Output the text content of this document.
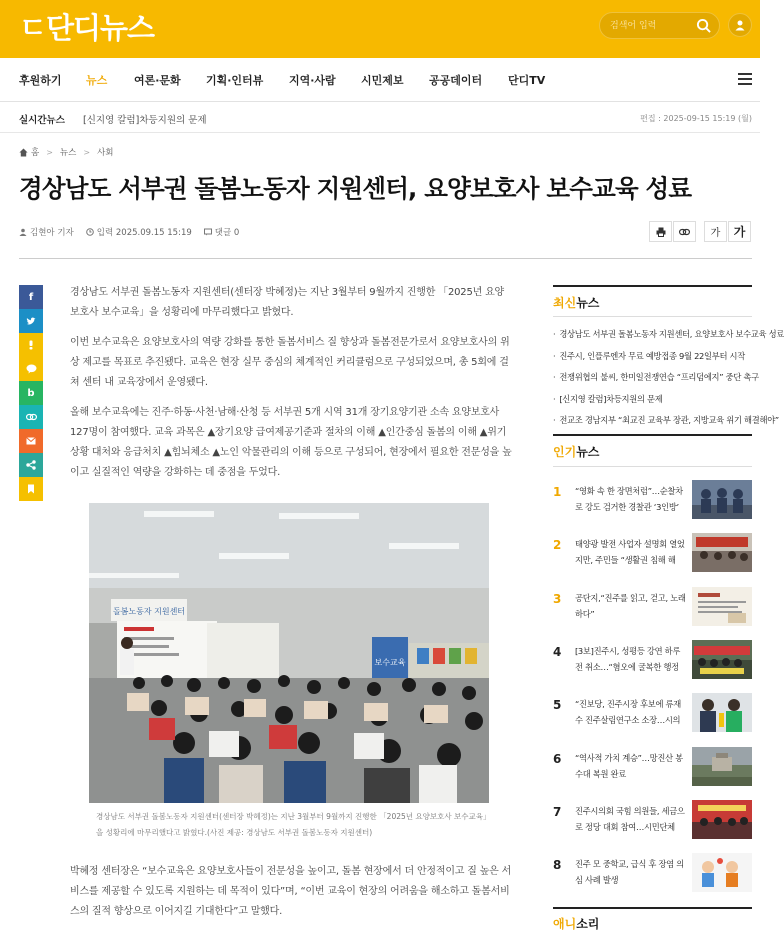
ㄷ단디뉴스
검색어 입력
후원하기 뉴스 여론·문화 기획·인터뷰 지역·사람 시민제보 공공데이터 단디TV
실시간뉴스 [신지영 칼럼]차등지원의 문제	편집 : 2025-09-15 15:19 (월)
홈 > 뉴스 > 사회
경상남도 서부권 돌봄노동자 지원센터, 요양보호사 보수교육 성료
김현아 기자	입력 2025.09.15 15:19	댓글 0	가	가
f
b

경상남도 서부권 돌봄노동자 지원센터(센터장 박혜정)는 지난 3월부터 9월까지 진행한 「2025년 요양보호사 보수교육」을 성황리에 마무리했다고 밝혔다.

이번 보수교육은 요양보호사의 역량 강화를 통한 돌봄서비스 질 향상과 돌봄전문가로서 요양보호사의 위상 제고를 목표로 추진됐다. 교육은 현장 실무 중심의 체계적인 커리큘럼으로 구성되었으며, 총 5회에 걸쳐 센터 내 교육장에서 운영됐다.

올해 보수교육에는 진주·하동·사천·남해·산청 등 서부권 5개 시역 31개 장기요양기관 소속 요양보호사 127명이 참여했다. 교육 과목은 ▲장기요양 급여제공기준과 절차의 이해 ▲인간중심 돌봄의 이해 ▲위기상황 대처와 응급처치 ▲힘뇌체소 ▲노인 악물관리의 이해 등으로 구성되어, 현장에서 필요한 전문성을 높이고 실질적인 역량을 강화하는 데 중점을 두었다.

돌봄노동자 지원센터
보수교육
경상남도 서부권 돌봄노동자 지원센터(센터장 박혜정)는 지난 3월부터 9월까지 진행한 「2025년 요양보호사 보수교육」을 성황리에 마무리했다고 밝혔다.(사진 제공: 경상남도 서부권 돌봄노동자 지원센터)

박혜정 센터장은 “보수교육은 요양보호사들이 전문성을 높이고, 돌봄 현장에서 더 안정적이고 질 높은 서비스를 제공할 수 있도록 지원하는 데 목적이 있다”며, “이번 교육이 현장의 어려움을 해소하고 돌봄서비스의 질적 향상으로 이어지길 기대한다”고 말했다.

최신뉴스
· 경상남도 서부권 돌봄노동자 지원센터, 요양보호사 보수교육 성료
· 진주시, 인플루엔자 무료 예방접종 9월 22일부터 시작
· 전쟁위협의 불씨, 한미일전쟁연습 “프리덤에지” 중단 촉구
· [신지영 칼럼]차등지원의 문제
· 전교조 경남지부 “최교진 교육부 장관, 지방교육 위기 해결해야”
인기뉴스
1	“영화 속 한 장면처럼”…순찰차로 강도 검거한 경찰관 ‘3인방’
2	태양광 발전 사업자 설명회 열었지만, 주민들 “생활권 침해 해
3	공단지,“진주를 읽고, 걷고, 노래하다”
4	[3보]진주시, 성평등 강연 하루 전 취소…“혐오에 굴복한 행정
5	“진보당, 진주시장 후보에 류재수 진주살림연구소 소장…시의
6	“역사적 가치 계승”…망진산 봉수대 복원 완료
7	진주시의회 국힘 의원들, 세금으로 정당 대회 참여…시민단체
8	진주 모 중학교, 급식 후 장염 의심 사례 발생
애니소리
